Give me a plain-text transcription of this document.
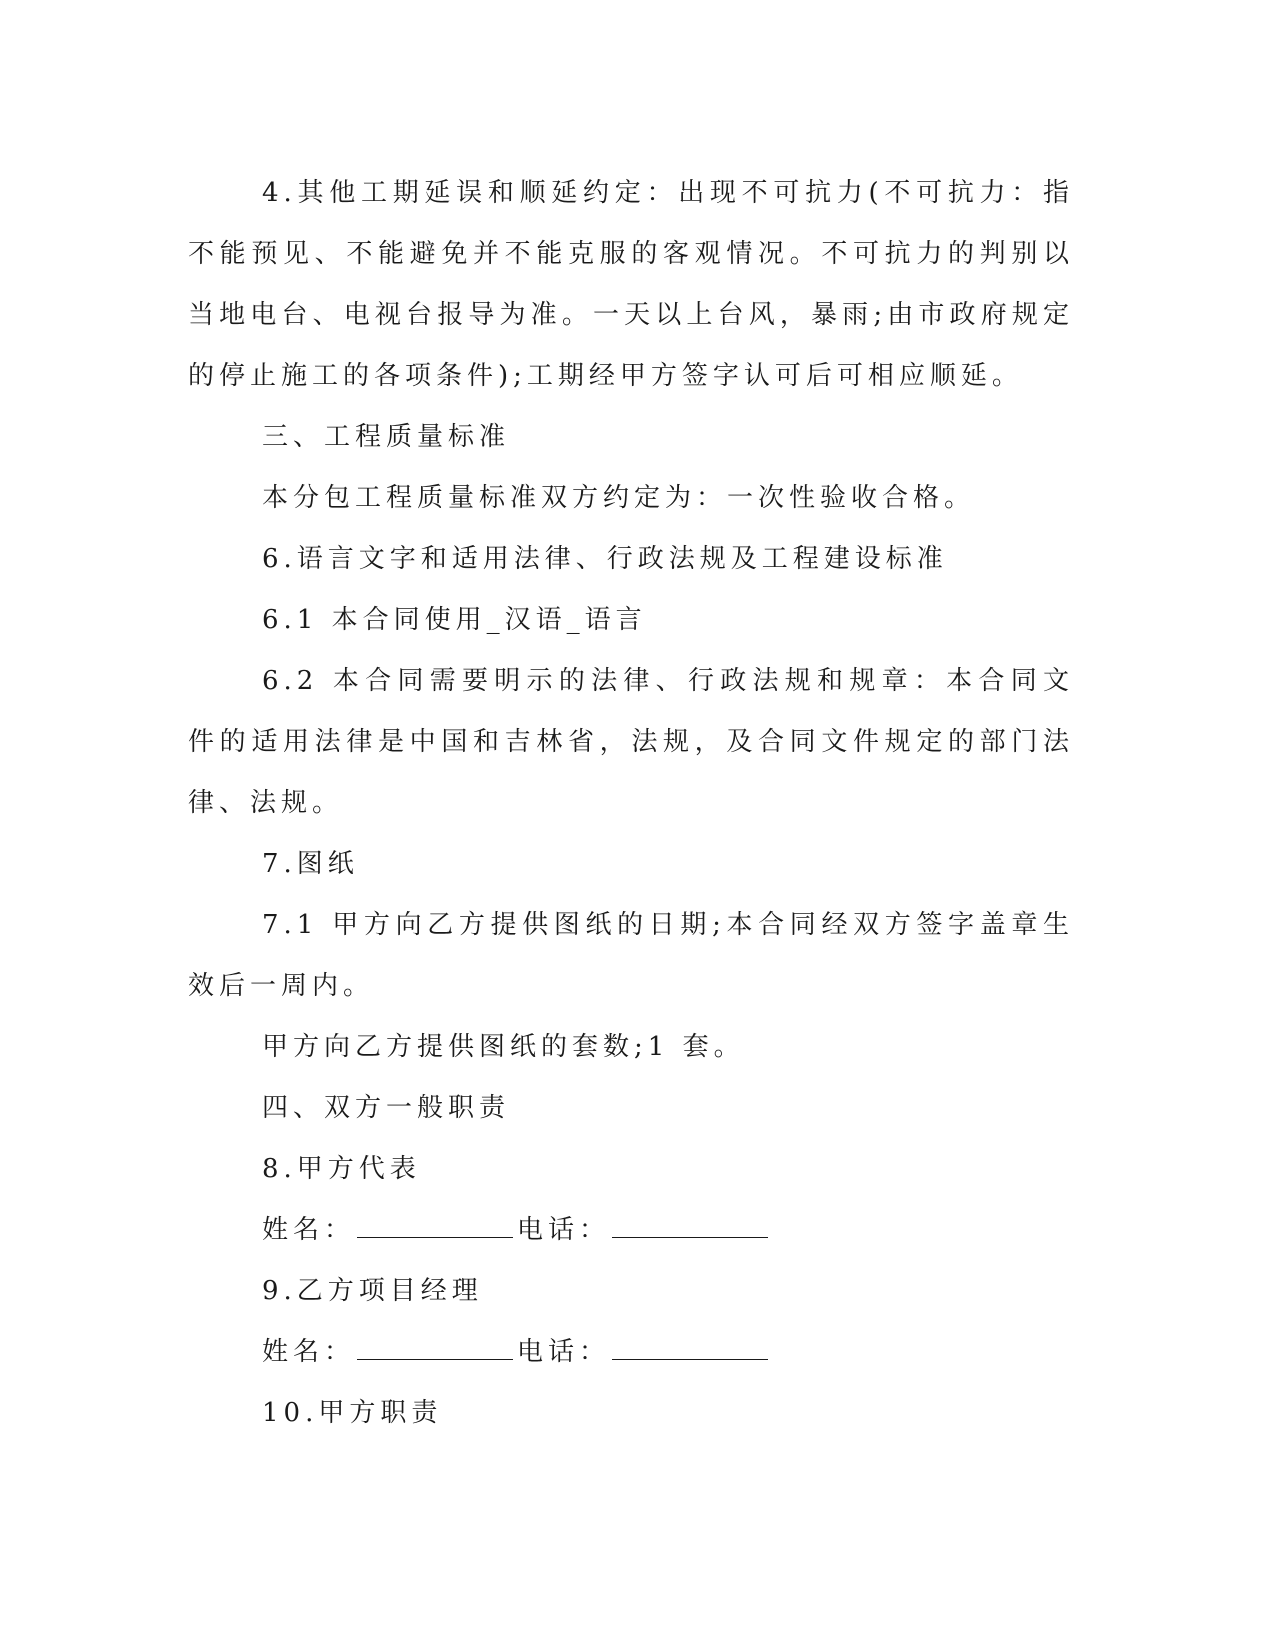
4.其他工期延误和顺延约定：出现不可抗力(不可抗力：指不能预见、不能避免并不能克服的客观情况。不可抗力的判别以当地电台、电视台报导为准。一天以上台风，暴雨;由市政府规定的停止施工的各项条件);工期经甲方签字认可后可相应顺延。

三、工程质量标准

本分包工程质量标准双方约定为：一次性验收合格。

6.语言文字和适用法律、行政法规及工程建设标准

6.1 本合同使用_汉语_语言

6.2 本合同需要明示的法律、行政法规和规章：本合同文件的适用法律是中国和吉林省，法规，及合同文件规定的部门法律、法规。

7.图纸

7.1 甲方向乙方提供图纸的日期;本合同经双方签字盖章生效后一周内。

甲方向乙方提供图纸的套数;1 套。

四、双方一般职责

8.甲方代表

姓名：	电话：

9.乙方项目经理

姓名：	电话：

10.甲方职责
